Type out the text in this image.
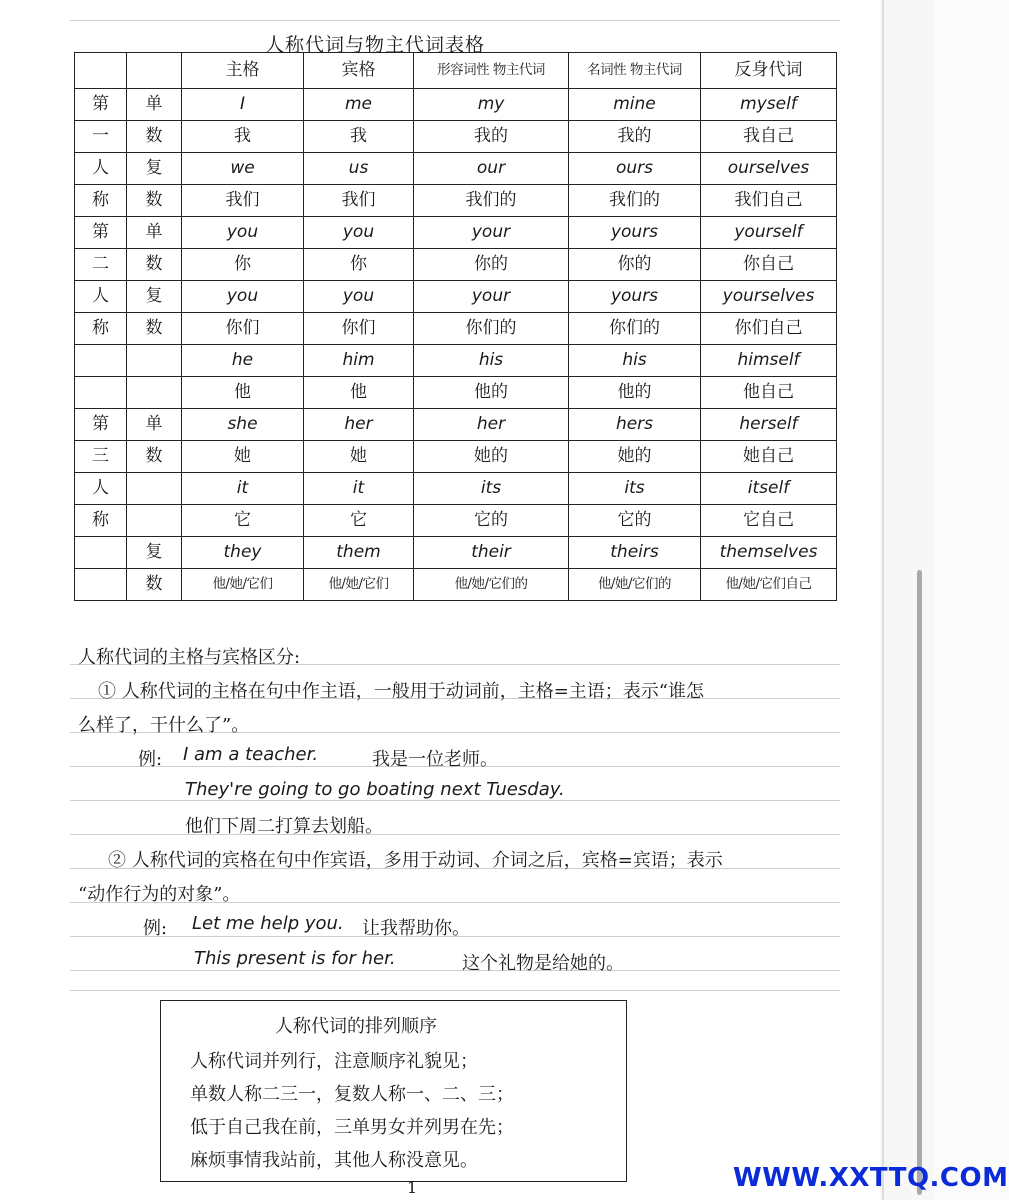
人称代词与物主代词表格
		主格	宾格	形容词性 物主代词	名词性 物主代词	反身代词
第	单	I	me	my	mine	myself
一	数	我	我	我的	我的	我自己
人	复	we	us	our	ours	ourselves
称	数	我们	我们	我们的	我们的	我们自己
第	单	you	you	your	yours	yourself
二	数	你	你	你的	你的	你自己
人	复	you	you	your	yours	yourselves
称	数	你们	你们	你们的	你们的	你们自己
		he	him	his	his	himself
		他	他	他的	他的	他自己
第	单	she	her	her	hers	herself
三	数	她	她	她的	她的	她自己
人		it	it	its	its	itself
称		它	它	它的	它的	它自己
	复	they	them	their	theirs	themselves
	数	他/她/它们	他/她/它们	他/她/它们的	他/她/它们的	他/她/它们自己
人称代词的主格与宾格区分:
① 人称代词的主格在句中作主语，一般用于动词前，主格=主语；表示“谁怎
么样了，干什么了”。
例: I am a teacher.	我是一位老师。
They're going to go boating next Tuesday.
他们下周二打算去划船。
② 人称代词的宾格在句中作宾语，多用于动词、介词之后，宾格=宾语；表示
“动作行为的对象”。
例: Let me help you. 让我帮助你。
This present is for her.	这个礼物是给她的。
人称代词的排列顺序
人称代词并列行，注意顺序礼貌见；
单数人称二三一，复数人称一、二、三；
低于自己我在前，三单男女并列男在先；
麻烦事情我站前，其他人称没意见。
1	WWW.XXTTQ.COM
